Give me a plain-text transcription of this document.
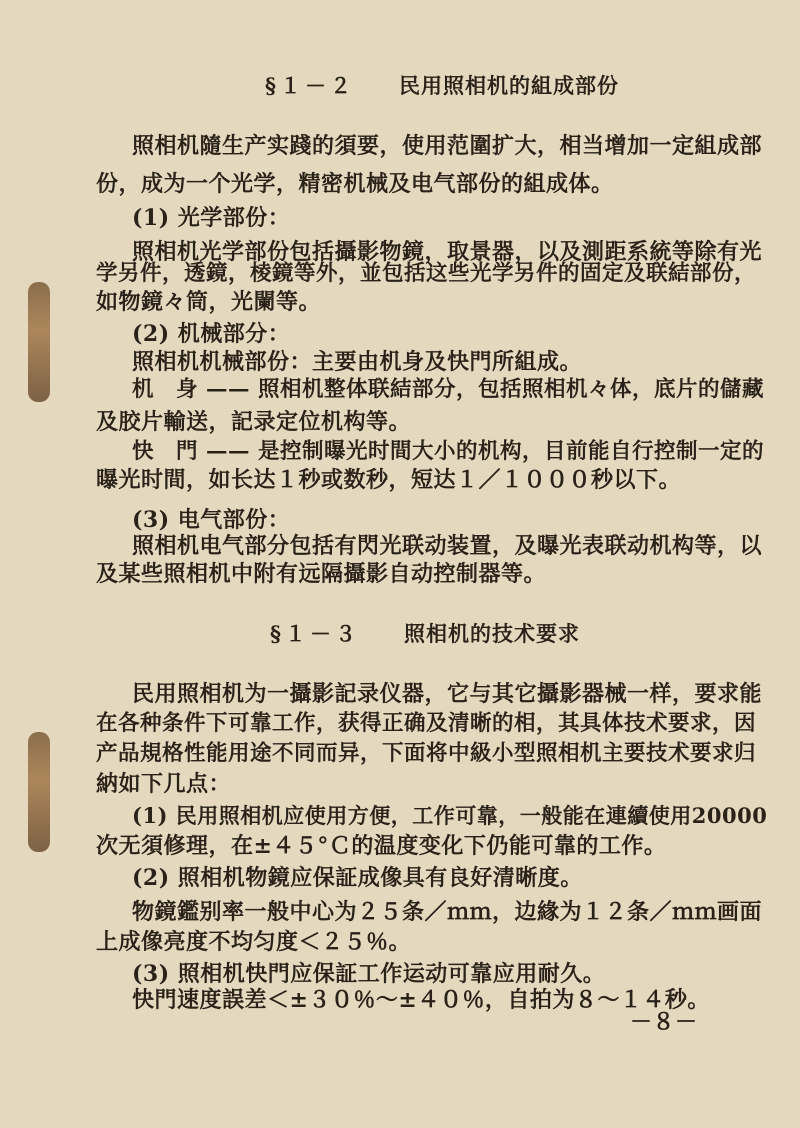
§１－２ 民用照相机的組成部份
照相机隨生产实踐的須要，使用范圍扩大，相当增加一定組成部
份，成为一个光学，精密机械及电气部份的組成体。
(1) 光学部份：
照相机光学部份包括攝影物鏡，取景器，以及測距系統等除有光
学另件，透鏡，棱鏡等外，並包括这些光学另件的固定及联結部份，
如物鏡々筒，光闌等。
(2) 机械部分：
照相机机械部份：主要由机身及快門所組成。
机　身 —— 照相机整体联結部分，包括照相机々体，底片的儲藏
及胶片輸送，記录定位机构等。
快　門 —— 是控制曝光时間大小的机构，目前能自行控制一定的
曝光时間，如长达１秒或数秒，短达１／１０００秒以下。
(3) 电气部份：
照相机电气部分包括有閃光联动装置，及曝光表联动机构等，以
及某些照相机中附有远隔攝影自动控制器等。
§１－３ 照相机的技术要求
民用照相机为一攝影記录仪器，它与其它攝影器械一样，要求能
在各种条件下可靠工作，获得正确及清晰的相，其具体技术要求，因
产品規格性能用途不同而异，下面将中級小型照相机主要技术要求归
納如下几点：
(1) 民用照相机应使用方便，工作可靠，一般能在連續使用20000
次无須修理，在±４５°Ｃ的温度变化下仍能可靠的工作。
(2) 照相机物鏡应保証成像具有良好清晰度。
物鏡鑑别率一般中心为２５条／ｍｍ，边緣为１２条／ｍｍ画面
上成像亮度不均匀度＜２５％。
(3) 照相机快門应保証工作运动可靠应用耐久。
快門速度誤差＜±３０％～±４０％，自拍为８～１４秒。
－８－
